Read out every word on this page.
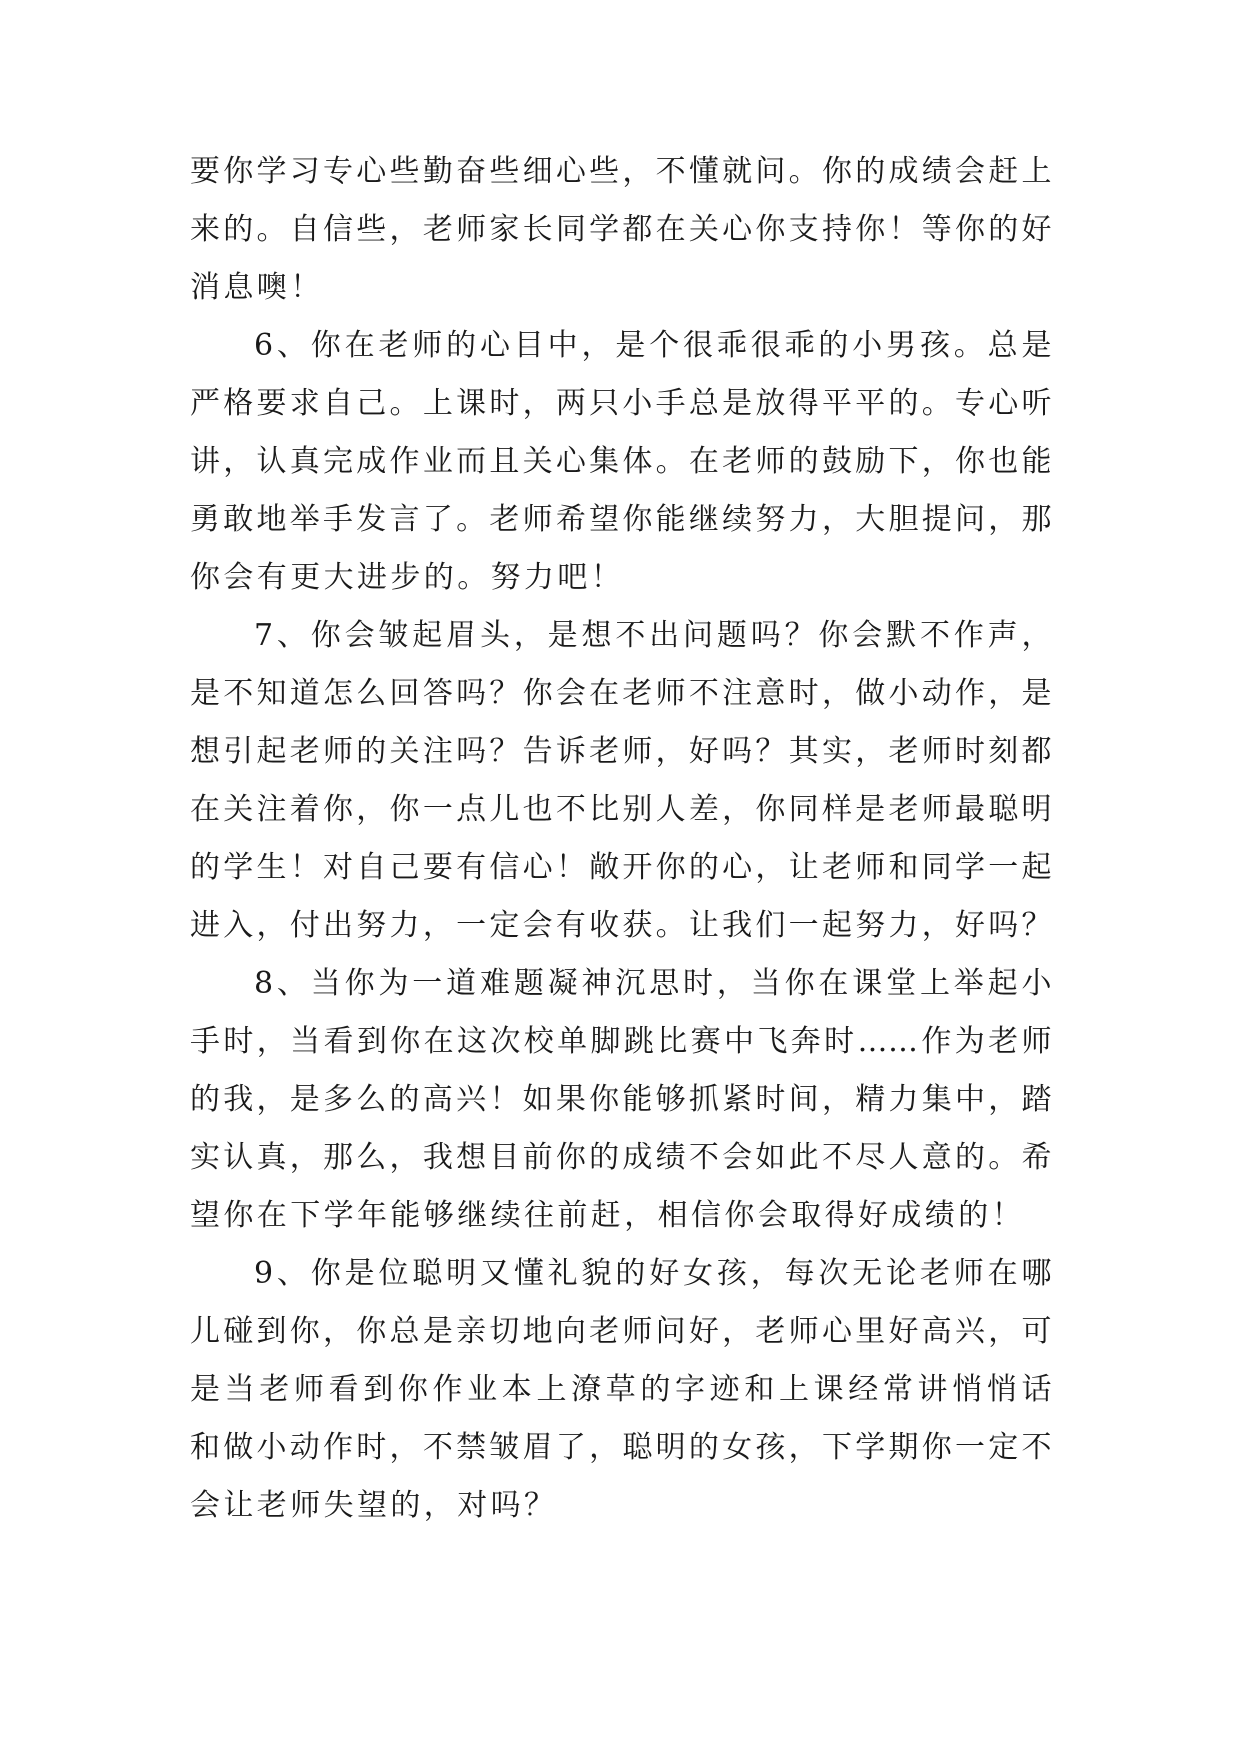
要你学习专心些勤奋些细心些，不懂就问。你的成绩会赶上
来的。自信些，老师家长同学都在关心你支持你！等你的好
消息噢！
6、你在老师的心目中，是个很乖很乖的小男孩。总是
严格要求自己。上课时，两只小手总是放得平平的。专心听
讲，认真完成作业而且关心集体。在老师的鼓励下，你也能
勇敢地举手发言了。老师希望你能继续努力，大胆提问，那
你会有更大进步的。努力吧！
7、你会皱起眉头，是想不出问题吗？你会默不作声，
是不知道怎么回答吗？你会在老师不注意时，做小动作，是
想引起老师的关注吗？告诉老师，好吗？其实，老师时刻都
在关注着你，你一点儿也不比别人差，你同样是老师最聪明
的学生！对自己要有信心！敞开你的心，让老师和同学一起
进入，付出努力，一定会有收获。让我们一起努力，好吗？
8、当你为一道难题凝神沉思时，当你在课堂上举起小
手时，当看到你在这次校单脚跳比赛中飞奔时……作为老师
的我，是多么的高兴！如果你能够抓紧时间，精力集中，踏
实认真，那么，我想目前你的成绩不会如此不尽人意的。希
望你在下学年能够继续往前赶，相信你会取得好成绩的！
9、你是位聪明又懂礼貌的好女孩，每次无论老师在哪
儿碰到你，你总是亲切地向老师问好，老师心里好高兴，可
是当老师看到你作业本上潦草的字迹和上课经常讲悄悄话
和做小动作时，不禁皱眉了，聪明的女孩，下学期你一定不
会让老师失望的，对吗？
